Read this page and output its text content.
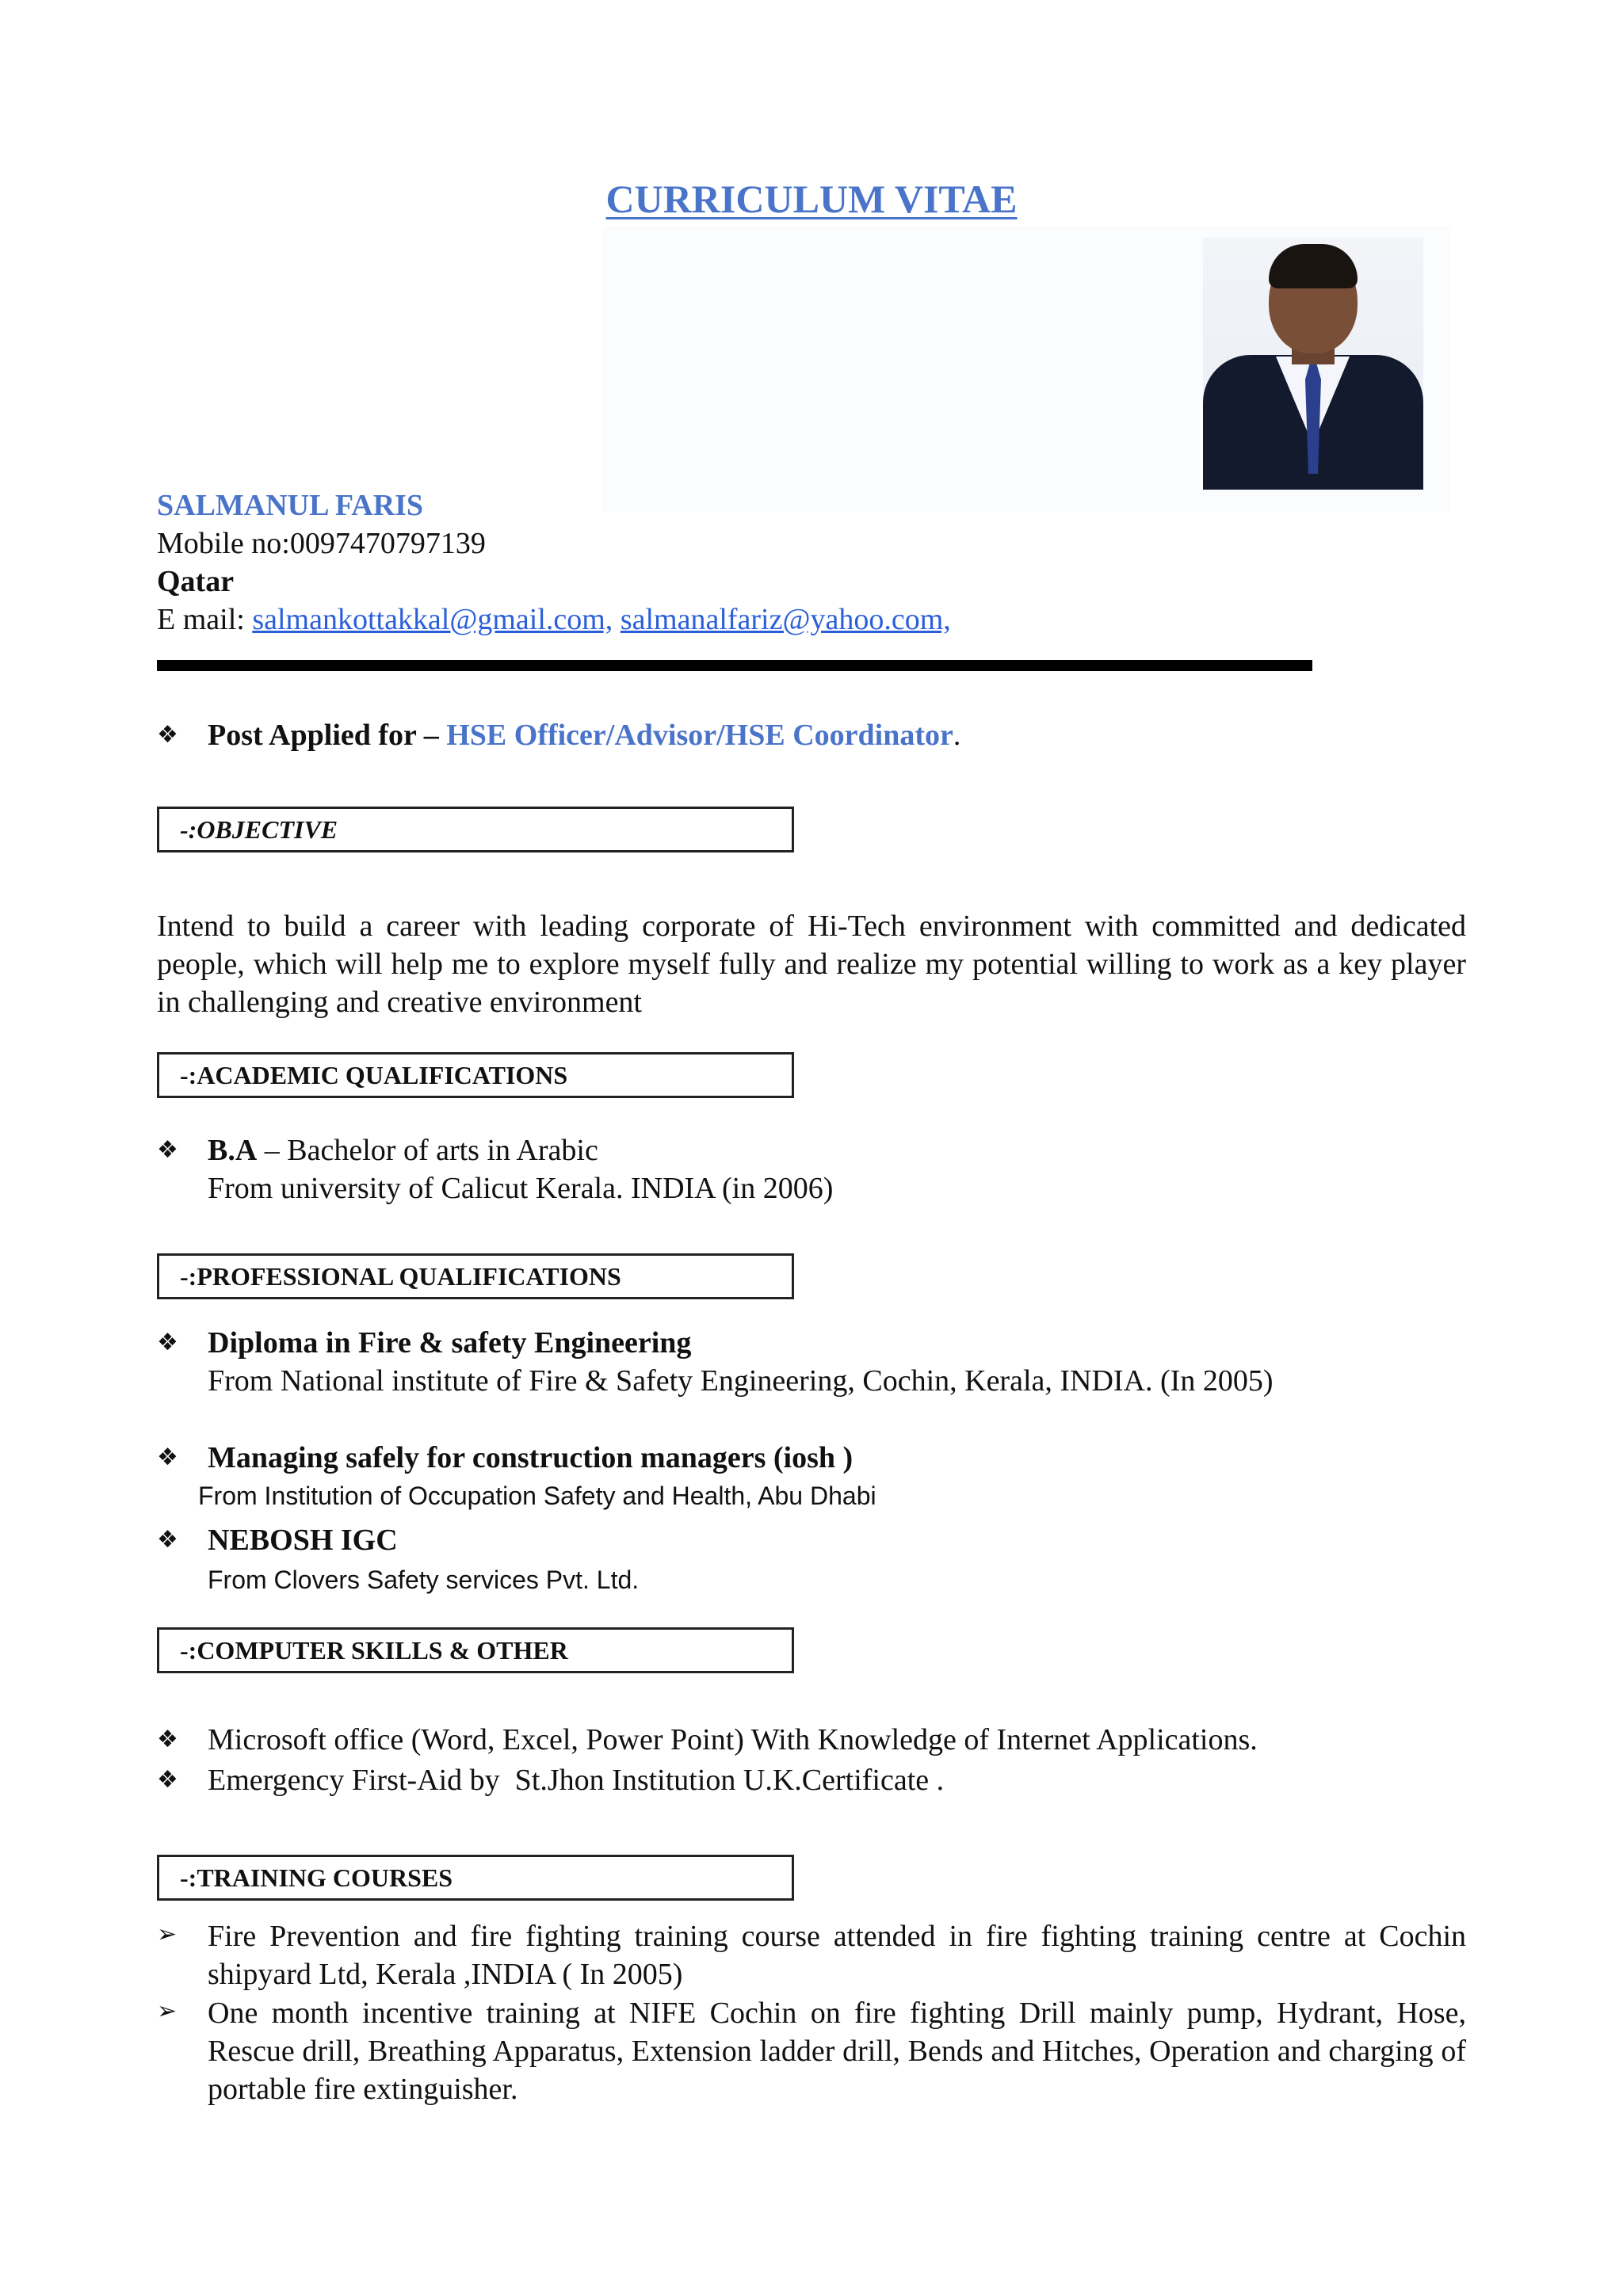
CURRICULUM VITAE
SALMANUL FARIS
Mobile no:0097470797139
Qatar
E mail: salmankottakkal@gmail.com, salmanalfariz@yahoo.com,
❖ Post Applied for – HSE Officer/Advisor/HSE Coordinator.
-:OBJECTIVE
Intend to build a career with leading corporate of Hi-Tech environment with committed and dedicated people, which will help me to explore myself fully and realize my potential willing to work as a key player in challenging and creative environment
-:ACADEMIC QUALIFICATIONS
❖ B.A – Bachelor of arts in Arabic
From university of Calicut Kerala. INDIA (in 2006)
-:PROFESSIONAL QUALIFICATIONS
❖ Diploma in Fire & safety Engineering
From National institute of Fire & Safety Engineering, Cochin, Kerala, INDIA. (In 2005)
❖ Managing safely for construction managers (iosh )
From Institution of Occupation Safety and Health, Abu Dhabi
❖ NEBOSH IGC
From Clovers Safety services Pvt. Ltd.
-:COMPUTER SKILLS & OTHER
❖ Microsoft office (Word, Excel, Power Point) With Knowledge of Internet Applications.
❖ Emergency First-Aid by  St.Jhon Institution U.K.Certificate .
-:TRAINING COURSES
➢ Fire Prevention and fire fighting training course attended in fire fighting training centre at Cochin shipyard Ltd, Kerala ,INDIA ( In 2005)
➢ One month incentive training at NIFE Cochin on fire fighting Drill mainly pump, Hydrant, Hose, Rescue drill, Breathing Apparatus, Extension ladder drill, Bends and Hitches, Operation and charging of portable fire extinguisher.
